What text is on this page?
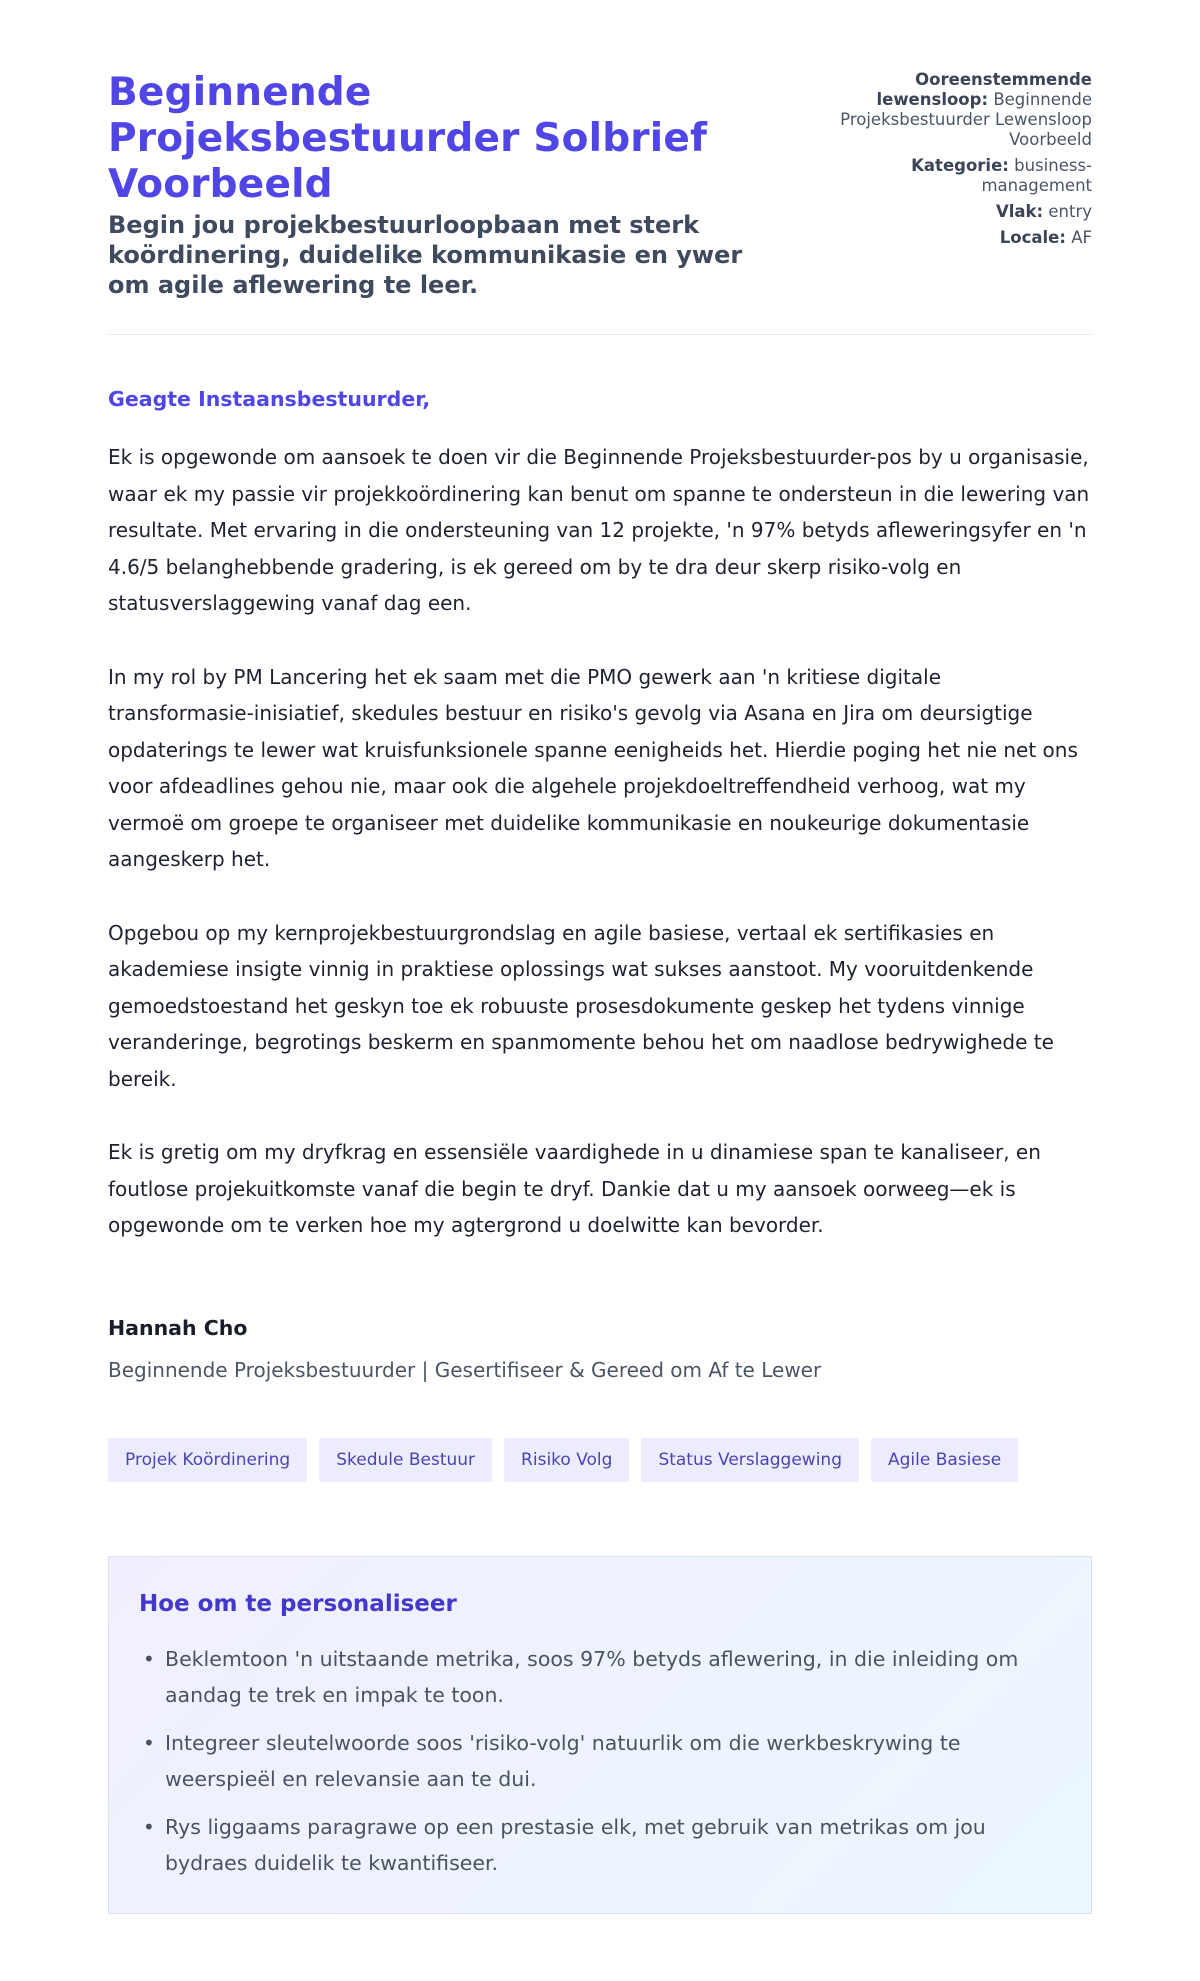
Beginnende Projeksbestuurder Solbrief Voorbeeld
Begin jou projekbestuurloopbaan met sterk koördinering, duidelike kommunikasie en ywer om agile aflewering te leer.
Ooreenstemmende lewensloop: Beginnende Projeksbestuurder Lewensloop Voorbeeld
Kategorie: business-management
Vlak: entry
Locale: AF

Geagte Instaansbestuurder,

Ek is opgewonde om aansoek te doen vir die Beginnende Projeksbestuurder-pos by u organisasie, waar ek my passie vir projekkoördinering kan benut om spanne te ondersteun in die lewering van resultate. Met ervaring in die ondersteuning van 12 projekte, 'n 97% betyds afleweringsyfer en 'n 4.6/5 belanghebbende gradering, is ek gereed om by te dra deur skerp risiko-volg en statusverslaggewing vanaf dag een.

In my rol by PM Lancering het ek saam met die PMO gewerk aan 'n kritiese digitale transformasie-inisiatief, skedules bestuur en risiko's gevolg via Asana en Jira om deursigtige opdaterings te lewer wat kruisfunksionele spanne eenigheids het. Hierdie poging het nie net ons voor afdeadlines gehou nie, maar ook die algehele projekdoeltreffendheid verhoog, wat my vermoë om groepe te organiseer met duidelike kommunikasie en noukeurige dokumentasie aangeskerp het.

Opgebou op my kernprojekbestuurgrondslag en agile basiese, vertaal ek sertifikasies en akademiese insigte vinnig in praktiese oplossings wat sukses aanstoot. My vooruitdenkende gemoedstoestand het geskyn toe ek robuuste prosesdokumente geskep het tydens vinnige veranderinge, begrotings beskerm en spanmomente behou het om naadlose bedrywighede te bereik.

Ek is gretig om my dryfkrag en essensiële vaardighede in u dinamiese span te kanaliseer, en foutlose projekuitkomste vanaf die begin te dryf. Dankie dat u my aansoek oorweeg—ek is opgewonde om te verken hoe my agtergrond u doelwitte kan bevorder.

Hannah Cho
Beginnende Projeksbestuurder | Gesertifiseer & Gereed om Af te Lewer
Projek Koördinering	Skedule Bestuur	Risiko Volg	Status Verslaggewing	Agile Basiese
Hoe om te personaliseer
• Beklemtoon 'n uitstaande metrika, soos 97% betyds aflewering, in die inleiding om aandag te trek en impak te toon.
• Integreer sleutelwoorde soos 'risiko-volg' natuurlik om die werkbeskrywing te weerspieël en relevansie aan te dui.
• Rys liggaams paragrawe op een prestasie elk, met gebruik van metrikas om jou bydraes duidelik te kwantifiseer.
